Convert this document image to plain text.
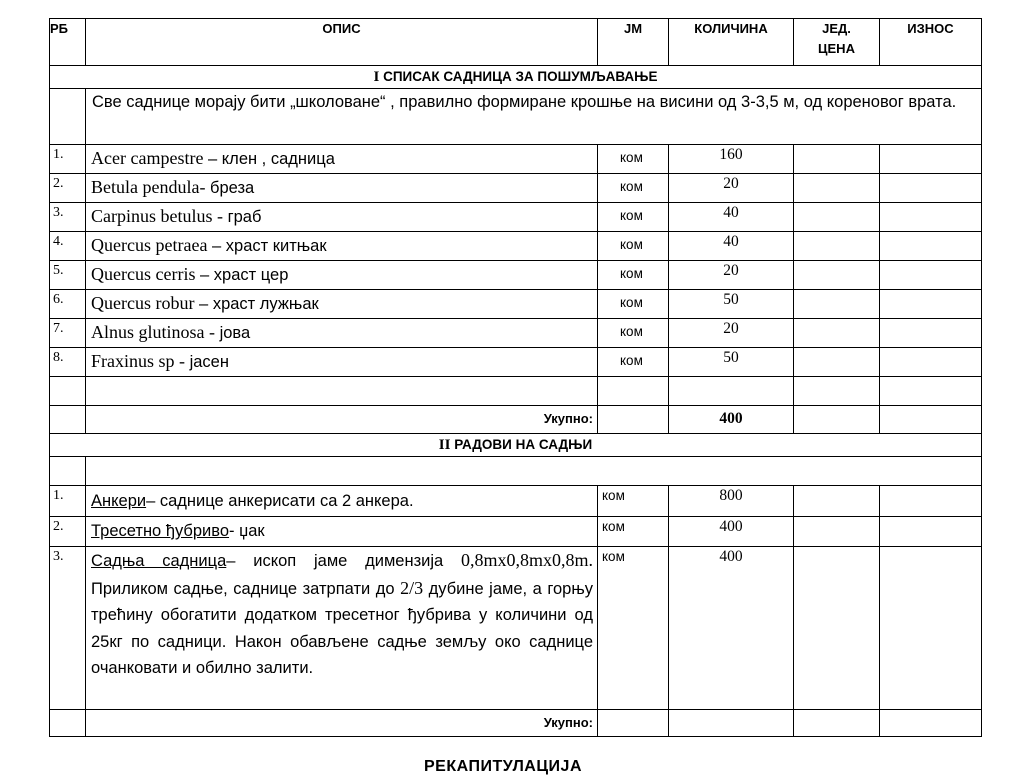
РБ	ОПИС	ЈМ	КОЛИЧИНА	ЈЕД. ЦЕНА	ИЗНОС
I СПИСАК САДНИЦА ЗА ПОШУМЉАВАЊЕ					
	Све саднице морају бити „школоване“ , правилно формиране крошње на висини од 3-3,5 м, од кореновог врата.				
1.	Acer campestre – клен , садница	ком	160		
2.	Betula pendula- бреза	ком	20		
3.	Carpinus betulus - граб	ком	40		
4.	Quercus petraea – храст китњак	ком	40		
5.	Quercus cerris – храст цер	ком	20		
6.	Quercus robur – храст лужњак	ком	50		
7.	Alnus glutinosa - јова	ком	20		
8.	Fraxinus sp - јасен	ком	50		

	Укупно:		400		
II РАДОВИ НА САДЊИ					

1.	Анкери– саднице анкерисати са 2 анкера.	ком	800		
2.	Тресетно ђубриво- џак	ком	400		
3.	Садња садница– ископ јаме димензија 0,8mx0,8mx0,8m. Приликом садње, саднице затрпати до 2/3 дубине јаме, а горњу трећину обогатити додатком тресетног ђубрива у количини од 25кг по садници. Након обављене садње земљу око саднице очанковати и обилно залити.	ком	400		
	Укупно:				
РЕКАПИТУЛАЦИЈА
